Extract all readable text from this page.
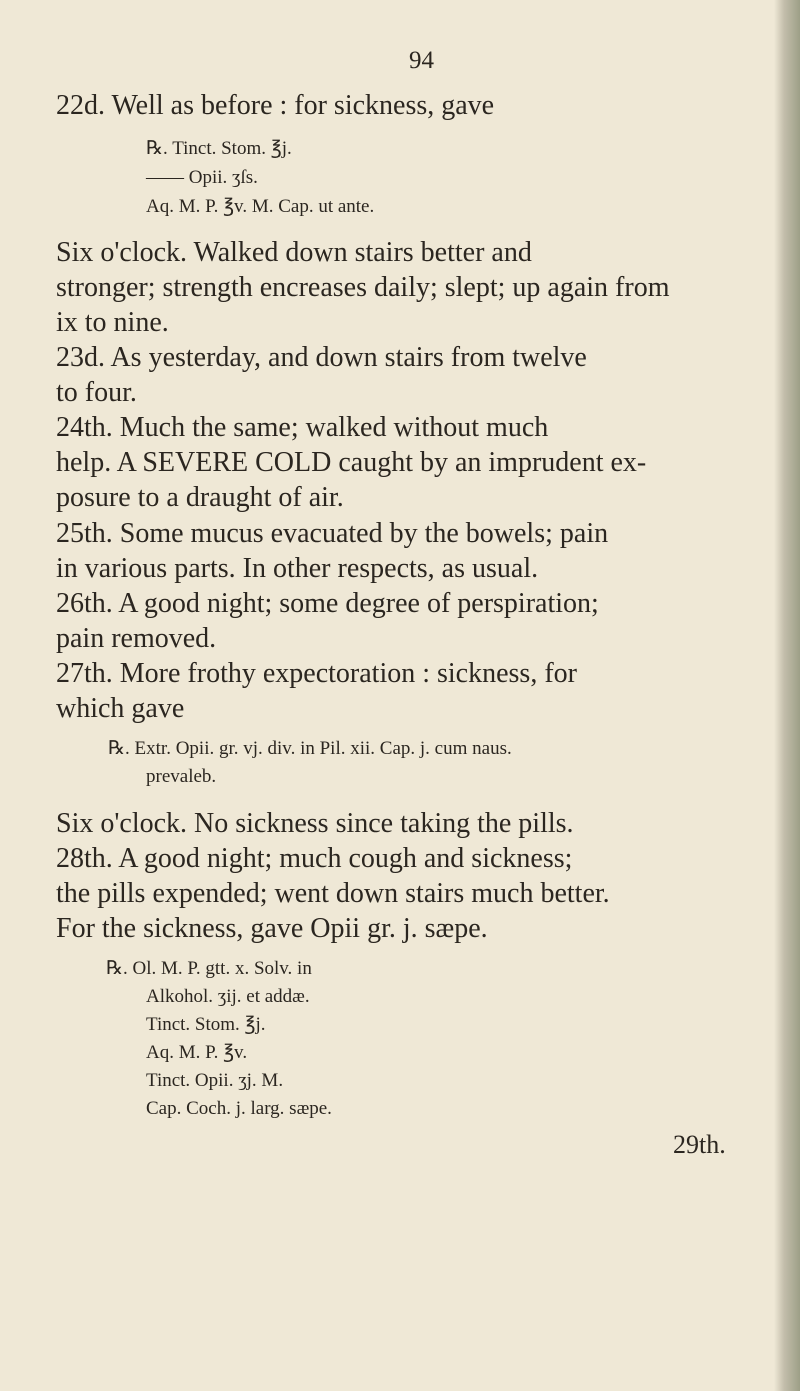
94
22d. Well as before : for sickness, gave
℞. Tinct. Stom. ℥j.
—— Opii. ʒſs.
Aq. M. P. ℥v. M. Cap. ut ante.
Six o'clock. Walked down stairs better and
stronger; strength encreases daily; slept; up again from
ix to nine.
23d. As yesterday, and down stairs from twelve
to four.
24th. Much the same; walked without much
help. A SEVERE COLD caught by an imprudent ex-
posure to a draught of air.
25th. Some mucus evacuated by the bowels; pain
in various parts. In other respects, as usual.
26th. A good night; some degree of perspiration;
pain removed.
27th. More frothy expectoration : sickness, for
which gave
℞. Extr. Opii. gr. vj. div. in Pil. xii. Cap. j. cum naus.
prevaleb.
Six o'clock. No sickness since taking the pills.
28th. A good night; much cough and sickness;
the pills expended; went down stairs much better.
For the sickness, gave Opii gr. j. sæpe.
℞. Ol. M. P. gtt. x. Solv. in
Alkohol. ʒij. et addæ.
Tinct. Stom. ℥j.
Aq. M. P. ℥v.
Tinct. Opii. ʒj. M.
Cap. Coch. j. larg. sæpe.
29th.
